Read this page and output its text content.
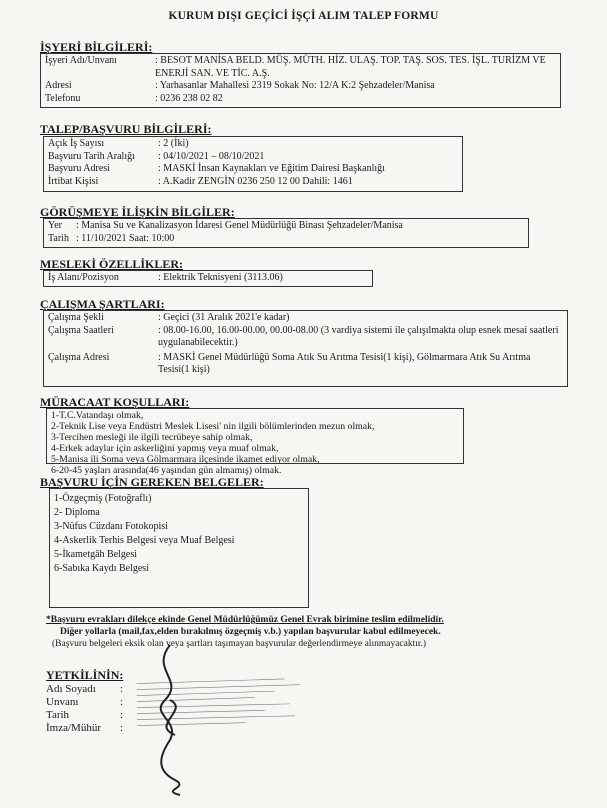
KURUM DIŞI GEÇİCİ İŞÇİ ALIM TALEP FORMU
İŞYERİ BİLGİLERİ:
İşyeri Adı/Unvanı	: BESOT MANİSA BELD. MÜŞ. MÜTH. HİZ. ULAŞ. TOP. TAŞ. SOS. TES. İŞL. TURİZM VE ENERJİ SAN. VE TİC. A.Ş.
Adresi	: Yarhasanlar Mahallesi 2319 Sokak No: 12/A K:2 Şehzadeler/Manisa
Telefonu	: 0236 238 02 82
TALEP/BAŞVURU BİLGİLERİ:
Açık İş Sayısı	: 2 (İki)
Başvuru Tarih Aralığı	: 04/10/2021 – 08/10/2021
Başvuru Adresi	: MASKİ İnsan Kaynakları ve Eğitim Dairesi Başkanlığı
İrtibat Kişisi	: A.Kadir ZENGİN 0236 250 12 00 Dahili: 1461
GÖRÜŞMEYE İLİŞKİN BİLGİLER:
Yer	: Manisa Su ve Kanalizasyon İdaresi Genel Müdürlüğü Binası Şehzadeler/Manisa
Tarih : 11/10/2021 Saat: 10:00
MESLEKİ ÖZELLİKLER:
İş Alanı/Pozisyon	: Elektrik Teknisyeni (3113.06)
ÇALIŞMA ŞARTLARI:
Çalışma Şekli	: Geçici (31 Aralık 2021'e kadar)
Çalışma Saatleri	: 08.00-16.00, 16.00-00.00, 00.00-08.00 (3 vardiya sistemi ile çalışılmakta olup esnek mesai saatleri uygulanabilecektir.)
Çalışma Adresi	: MASKİ Genel Müdürlüğü Soma Atık Su Arıtma Tesisi(1 kişi), Gölmarmara Atık Su Arıtma Tesisi(1 kişi)
MÜRACAAT KOŞULLARI:
1-T.C.Vatandaşı olmak,
2-Teknik Lise veya Endüstri Meslek Lisesi' nin ilgili bölümlerinden mezun olmak,
3-Tercihen mesleği ile ilgili tecrübeye sahip olmak,
4-Erkek adaylar için askerliğini yapmış veya muaf olmak,
5-Manisa ili Soma veya Gölmarmara ilçesinde ikamet ediyor olmak,
6-20-45 yaşları arasında(46 yaşından gün almamış) olmak.
BAŞVURU İÇİN GEREKEN BELGELER:
1-Özgeçmiş (Fotoğraflı)
2- Diploma
3-Nüfus Cüzdanı Fotokopisi
4-Askerlik Terhis Belgesi veya Muaf Belgesi
5-İkametgâh Belgesi
6-Sabıka Kaydı Belgesi
*Başvuru evrakları dilekçe ekinde Genel Müdürlüğümüz Genel Evrak birimine teslim edilmelidir.
Diğer yollarla (mail,fax,elden bırakılmış özgeçmiş v.b.) yapılan başvurular kabul edilmeyecek.
(Başvuru belgeleri eksik olan veya şartları taşımayan başvurular değerlendirmeye alınmayacaktır.)
YETKİLİNİN:
Adı Soyadı	:
Unvanı	:
Tarih	:
İmza/Mühür	:
